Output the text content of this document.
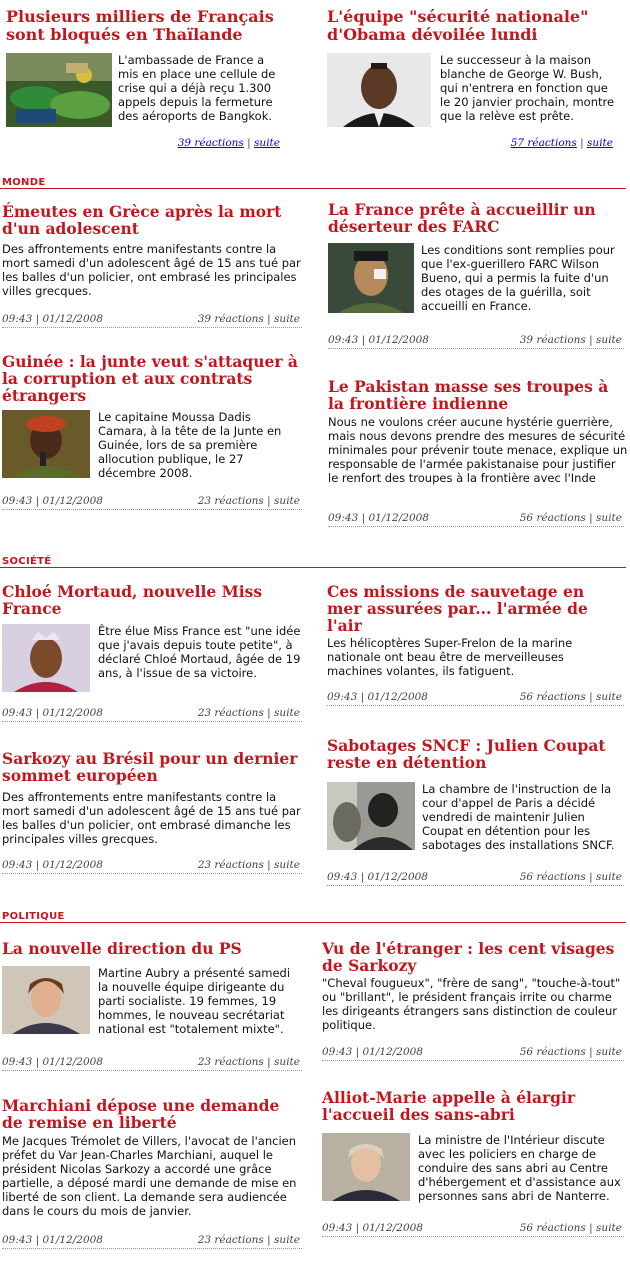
Plusieurs milliers de Français sont bloqués en Thaïlande
L'ambassade de France a mis en place une cellule de crise qui a déjà reçu 1.300 appels depuis la fermeture des aéroports de Bangkok.
39 réactions | suite
L'équipe "sécurité nationale" d'Obama dévoilée lundi
Le successeur à la maison blanche de George W. Bush, qui n'entrera en fonction que le 20 janvier prochain, montre que la relève est prête.
57 réactions | suite
MONDE
Émeutes en Grèce après la mort d'un adolescent
Des affrontements entre manifestants contre la mort samedi d'un adolescent âgé de 15 ans tué par les balles d'un policier, ont embrasé les principales villes grecques.
09:43 | 01/12/2008	39 réactions | suite
La France prête à accueillir un déserteur des FARC
Les conditions sont remplies pour que l'ex-guerillero FARC Wilson Bueno, qui a permis la fuite d'un des otages de la guérilla, soit accueilli en France.
09:43 | 01/12/2008	39 réactions | suite
Guinée : la junte veut s'attaquer à la corruption et aux contrats étrangers
Le capitaine Moussa Dadis Camara, à la tête de la Junte en Guinée, lors de sa première allocution publique, le 27 décembre 2008.
09:43 | 01/12/2008	23 réactions | suite
Le Pakistan masse ses troupes à la frontière indienne
Nous ne voulons créer aucune hystérie guerrière, mais nous devons prendre des mesures de sécurité minimales pour prévenir toute menace, explique un responsable de l'armée pakistanaise pour justifier le renfort des troupes à la frontière avec l'Inde
09:43 | 01/12/2008	56 réactions | suite
SOCIÉTÉ
Chloé Mortaud, nouvelle Miss France
Être élue Miss France est "une idée que j'avais depuis toute petite", à déclaré Chloé Mortaud, âgée de 19 ans, à l'issue de sa victoire.
09:43 | 01/12/2008	23 réactions | suite
Ces missions de sauvetage en mer assurées par... l'armée de l'air
Les hélicoptères Super-Frelon de la marine nationale ont beau être de merveilleuses machines volantes, ils fatiguent.
09:43 | 01/12/2008	56 réactions | suite
Sarkozy au Brésil pour un dernier sommet européen
Des affrontements entre manifestants contre la mort samedi d'un adolescent âgé de 15 ans tué par les balles d'un policier, ont embrasé dimanche les principales villes grecques.
09:43 | 01/12/2008	23 réactions | suite
Sabotages SNCF : Julien Coupat reste en détention
La chambre de l'instruction de la cour d'appel de Paris a décidé vendredi de maintenir Julien Coupat en détention pour les sabotages des installations SNCF.
09:43 | 01/12/2008	56 réactions | suite
POLITIQUE
La nouvelle direction du PS
Martine Aubry a présenté samedi la nouvelle équipe dirigeante du parti socialiste. 19 femmes, 19 hommes, le nouveau secrétariat national est "totalement mixte".
09:43 | 01/12/2008	23 réactions | suite
Vu de l'étranger : les cent visages de Sarkozy
"Cheval fougueux", "frère de sang", "touche-à-tout" ou "brillant", le président français irrite ou charme les dirigeants étrangers sans distinction de couleur politique.
09:43 | 01/12/2008	56 réactions | suite
Marchiani dépose une demande de remise en liberté
Me Jacques Trémolet de Villers, l'avocat de l'ancien préfet du Var Jean-Charles Marchiani, auquel le président Nicolas Sarkozy a accordé une grâce partielle, a déposé mardi une demande de mise en liberté de son client. La demande sera audiencée dans le cours du mois de janvier.
09:43 | 01/12/2008	23 réactions | suite
Alliot-Marie appelle à élargir l'accueil des sans-abri
La ministre de l'Intérieur discute avec les policiers en charge de conduire des sans abri au Centre d'hébergement et d'assistance aux personnes sans abri de Nanterre.
09:43 | 01/12/2008	56 réactions | suite
